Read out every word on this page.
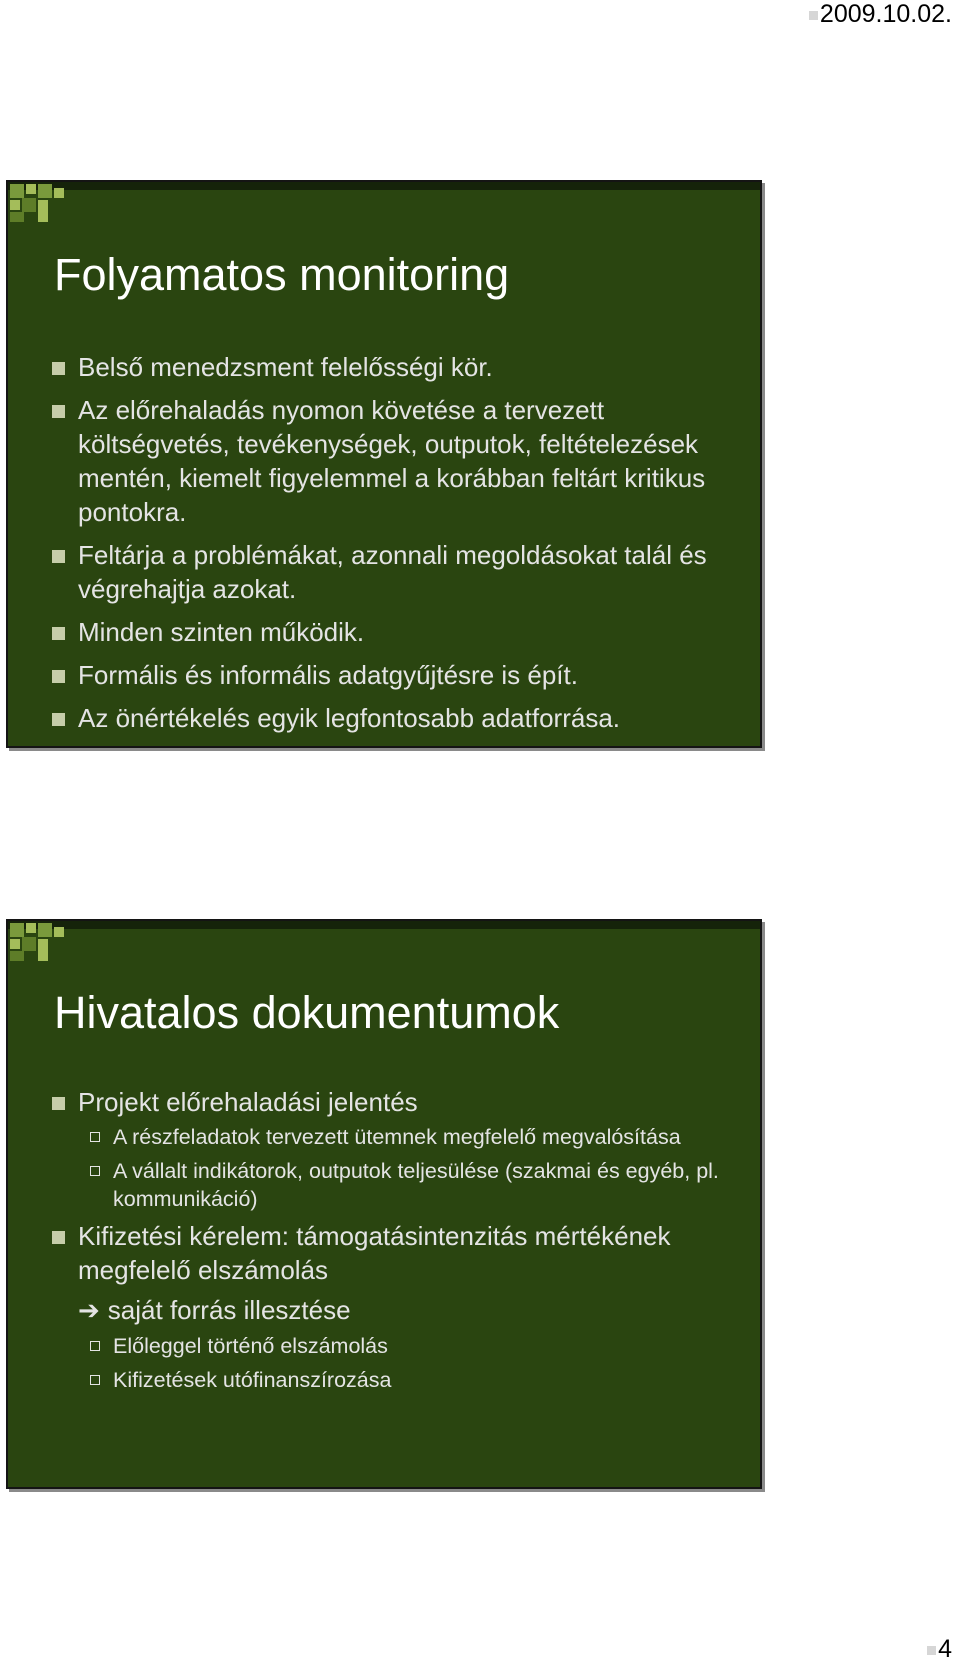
2009.10.02.
Folyamatos monitoring
Belső menedzsment felelősségi kör.
Az előrehaladás nyomon követése a tervezett költségvetés, tevékenységek, outputok, feltételezések mentén, kiemelt figyelemmel a korábban feltárt kritikus pontokra.
Feltárja a problémákat, azonnali megoldásokat talál és végrehajtja azokat.
Minden szinten működik.
Formális és informális adatgyűjtésre is épít.
Az önértékelés egyik legfontosabb adatforrása.
Hivatalos dokumentumok
Projekt előrehaladási jelentés
A részfeladatok tervezett ütemnek megfelelő megvalósítása
A vállalt indikátorok, outputok teljesülése (szakmai és egyéb, pl. kommunikáció)
Kifizetési kérelem: támogatásintenzitás mértékének megfelelő elszámolás
➔ saját forrás illesztése
Előleggel történő elszámolás
Kifizetések utófinanszírozása
4
